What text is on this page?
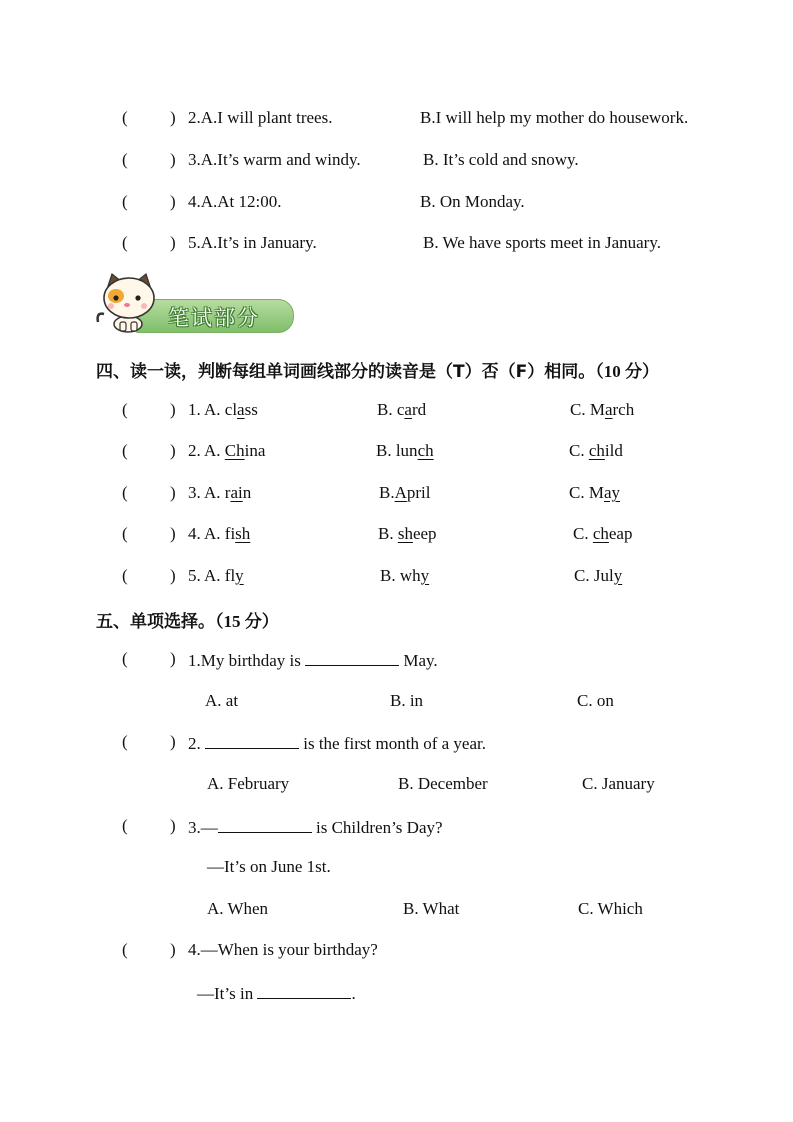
( ) 2.A.I will plant trees.	B.I will help my mother do housework.
( ) 3.A.It’s warm and windy.	B. It’s cold and snowy.
( ) 4.A.At 12:00.	B. On Monday.
( ) 5.A.It’s in January.	B. We have sports meet in January.
笔试部分
四、读一读，判断每组单词画线部分的读音是（T）否（F）相同。（10 分）
( ) 1. A. class	B. card	C. March
( ) 2. A. China	B. lunch	C. child
( ) 3. A. rain	B.April	C. May
( ) 4. A. fish	B. sheep	C. cheap
( ) 5. A. fly	B. why	C. July
五、单项选择。（15 分）
( ) 1.My birthday is	May.
A. at	B. in	C. on
( ) 2.	is the first month of a year.
A. February	B. December	C. January
( ) 3.—	is Children’s Day?
—It’s on June 1st.
A. When	B. What	C. Which
( ) 4.—When is your birthday?
—It’s in	.
